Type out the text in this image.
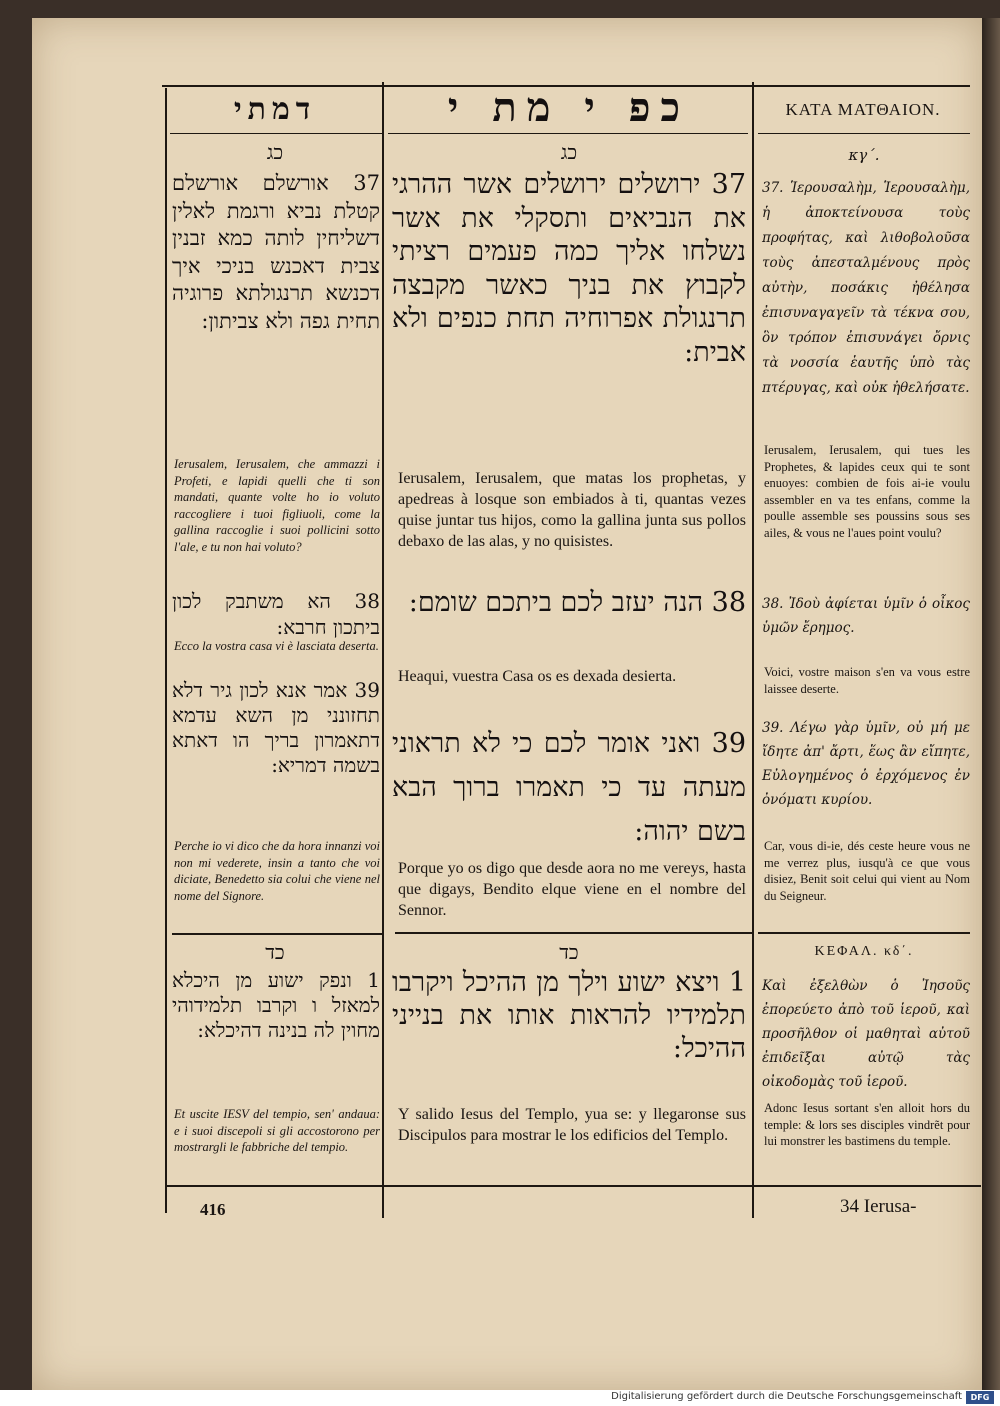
דמתי	כפ י מת י	ΚΑΤΑ ΜΑΤΘΑΙΟΝ.
כג
37 אורשלם אורשלם קטלת נביא ורגמת לאלין דשליחין לותה כמא זבנין צבית דאכנש בניכי איך דכנשא תרנגולתא פרוגיה תחית גפה ולא צביתון:
Ierusalem, Ierusalem, che ammazzi i Profeti, e lapidi quelli che ti son mandati, quante volte ho io voluto raccogliere i tuoi figliuoli, come la gallina raccoglie i suoi pollicini sotto l'ale, e tu non hai voluto?
38 הא משתבק לכון ביתכון חרבא:
Ecco la vostra casa vi è lasciata deserta.
39 אמר אנא לכון גיר דלא תחזונני מן השא עדמא דתאמרון בריך הו דאתא בשמה דמריא:
Perche io vi dico che da hora innanzi voi non mi vederete, insin a tanto che voi diciate, Benedetto sia colui che viene nel nome del Signore.
כג
37 ירושלים ירושלים אשר ההרגי את הנביאים ותסקלי את אשר נשלחו אליך כמה פעמים רציתי לקבוץ את בניך כאשר מקבצה תרנגולת אפרוחיה תחת כנפים ולא אבית:
Ierusalem, Ierusalem, que matas los prophetas, y apedreas à losque son embiados à ti, quantas vezes quise juntar tus hijos, como la gallina junta sus pollos debaxo de las alas, y no quisistes.
38 הנה יעזב לכם ביתכם שומם:
Heaqui, vuestra Casa os es dexada desierta.
39 ואני אומר לכם כי לא תראוני מעתה עד כי תאמרו ברוך הבא בשם יהוה:
Porque yo os digo que desde aora no me vereys, hasta que digays, Bendito elque viene en el nombre del Sennor.
κγ΄.
37. Ἱερουσαλὴμ, Ἱερουσαλὴμ, ἡ ἀποκτείνουσα τοὺς προφήτας, καὶ λιθοβολοῦσα τοὺς ἀπεσταλμένους πρὸς αὐτὴν, ποσάκις ἠθέλησα ἐπισυναγαγεῖν τὰ τέκνα σου, ὃν τρόπον ἐπισυνάγει ὄρνις τὰ νοσσία ἑαυτῆς ὑπὸ τὰς πτέρυγας, καὶ οὐκ ἠθελήσατε.
Ierusalem, Ierusalem, qui tues les Prophetes, & lapides ceux qui te sont enuoyes: combien de fois ai-ie voulu assembler en va tes enfans, comme la poulle assemble ses poussins sous ses ailes, & vous ne l'aues point voulu?
38. Ἰδοὺ ἀφίεται ὑμῖν ὁ οἶκος ὑμῶν ἔρημος.
Voici, vostre maison s'en va vous estre laissee deserte.
39. Λέγω γὰρ ὑμῖν, οὐ μή με ἴδητε ἀπ' ἄρτι, ἕως ἂν εἴπητε, Εὐλογημένος ὁ ἐρχόμενος ἐν ὀνόματι κυρίου.
Car, vous di-ie, dés ceste heure vous ne me verrez plus, iusqu'à ce que vous disiez, Benit soit celui qui vient au Nom du Seigneur.
כד
1 ונפק ישוע מן היכלא למאזל ו וקרבו תלמידוהי מחוין לה בנינה דהיכלא:
Et uscite IESV del tempio, sen' andaua: e i suoi discepoli si gli accostorono per mostrargli le fabbriche del tempio.
כד
1 ויצא ישוע וילך מן ההיכל ויקרבו תלמידיו להראות אותו את בנייני ההיכל:
Y salido Iesus del Templo, yua se: y llegaronse sus Discipulos para mostrar le los edificios del Templo.
ΚΕΦΑΛ. κδ΄.
Καὶ ἐξελθὼν ὁ Ἰησοῦς ἐπορεύετο ἀπὸ τοῦ ἱεροῦ, καὶ προσῆλθον οἱ μαθηταὶ αὐτοῦ ἐπιδεῖξαι αὐτῷ τὰς οἰκοδομὰς τοῦ ἱεροῦ.
Adonc Iesus sortant s'en alloit hors du temple: & lors ses disciples vindrẽt pour lui monstrer les bastimens du temple.
416	34 Ierusa-
Digitalisierung gefördert durch die Deutsche Forschungsgemeinschaft	DFG
